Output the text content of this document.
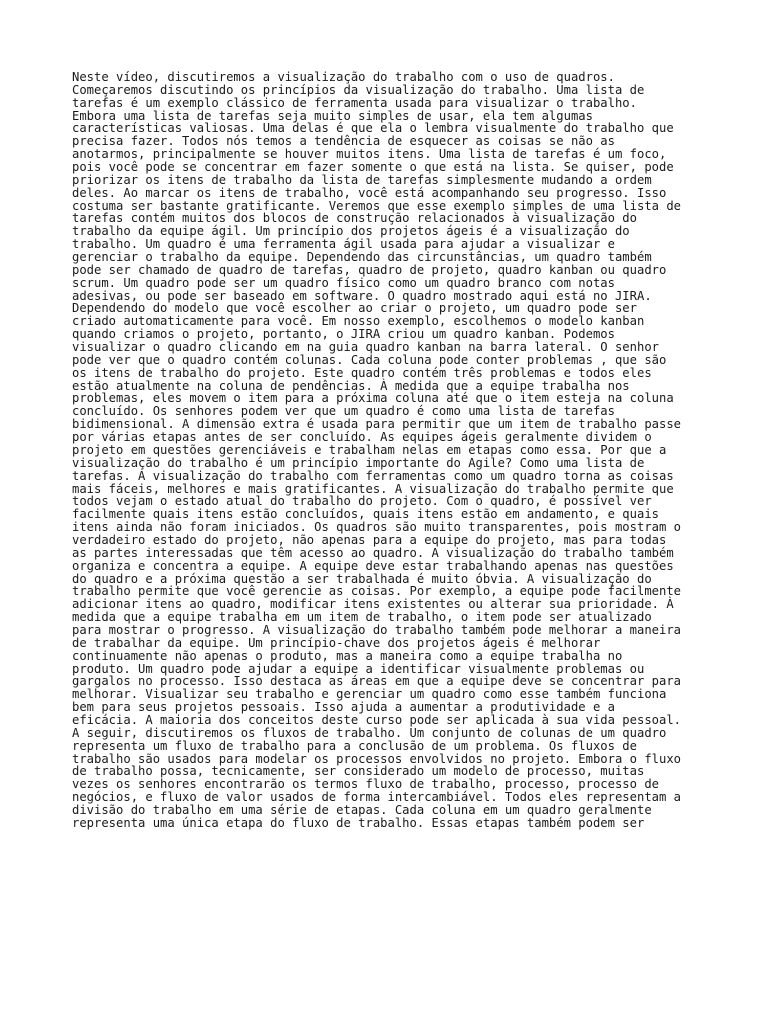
Neste vídeo, discutiremos a visualização do trabalho com o uso de quadros.
Começaremos discutindo os princípios da visualização do trabalho. Uma lista de
tarefas é um exemplo clássico de ferramenta usada para visualizar o trabalho.
Embora uma lista de tarefas seja muito simples de usar, ela tem algumas
características valiosas. Uma delas é que ela o lembra visualmente do trabalho que
precisa fazer. Todos nós temos a tendência de esquecer as coisas se não as
anotarmos, principalmente se houver muitos itens. Uma lista de tarefas é um foco,
pois você pode se concentrar em fazer somente o que está na lista. Se quiser, pode
priorizar os itens de trabalho da lista de tarefas simplesmente mudando a ordem
deles. Ao marcar os itens de trabalho, você está acompanhando seu progresso. Isso
costuma ser bastante gratificante. Veremos que esse exemplo simples de uma lista de
tarefas contém muitos dos blocos de construção relacionados à visualização do
trabalho da equipe ágil. Um princípio dos projetos ágeis é a visualização do
trabalho. Um quadro é uma ferramenta ágil usada para ajudar a visualizar e
gerenciar o trabalho da equipe. Dependendo das circunstâncias, um quadro também
pode ser chamado de quadro de tarefas, quadro de projeto, quadro kanban ou quadro
scrum. Um quadro pode ser um quadro físico como um quadro branco com notas
adesivas, ou pode ser baseado em software. O quadro mostrado aqui está no JIRA.
Dependendo do modelo que você escolher ao criar o projeto, um quadro pode ser
criado automaticamente para você. Em nosso exemplo, escolhemos o modelo kanban
quando criamos o projeto, portanto, o JIRA criou um quadro kanban. Podemos
visualizar o quadro clicando em na guia quadro kanban na barra lateral. O senhor
pode ver que o quadro contém colunas. Cada coluna pode conter problemas , que são
os itens de trabalho do projeto. Este quadro contém três problemas e todos eles
estão atualmente na coluna de pendências. À medida que a equipe trabalha nos
problemas, eles movem o item para a próxima coluna até que o item esteja na coluna
concluído. Os senhores podem ver que um quadro é como uma lista de tarefas
bidimensional. A dimensão extra é usada para permitir que um item de trabalho passe
por várias etapas antes de ser concluído. As equipes ágeis geralmente dividem o
projeto em questões gerenciáveis e trabalham nelas em etapas como essa. Por que a
visualização do trabalho é um princípio importante do Agile? Como uma lista de
tarefas. A visualização do trabalho com ferramentas como um quadro torna as coisas
mais fáceis, melhores e mais gratificantes. A visualização do trabalho permite que
todos vejam o estado atual do trabalho do projeto. Com o quadro, é possível ver
facilmente quais itens estão concluídos, quais itens estão em andamento, e quais
itens ainda não foram iniciados. Os quadros são muito transparentes, pois mostram o
verdadeiro estado do projeto, não apenas para a equipe do projeto, mas para todas
as partes interessadas que têm acesso ao quadro. A visualização do trabalho também
organiza e concentra a equipe. A equipe deve estar trabalhando apenas nas questões
do quadro e a próxima questão a ser trabalhada é muito óbvia. A visualização do
trabalho permite que você gerencie as coisas. Por exemplo, a equipe pode facilmente
adicionar itens ao quadro, modificar itens existentes ou alterar sua prioridade. À
medida que a equipe trabalha em um item de trabalho, o item pode ser atualizado
para mostrar o progresso. A visualização do trabalho também pode melhorar a maneira
de trabalhar da equipe. Um princípio-chave dos projetos ágeis é melhorar
continuamente não apenas o produto, mas a maneira como a equipe trabalha no
produto. Um quadro pode ajudar a equipe a identificar visualmente problemas ou
gargalos no processo. Isso destaca as áreas em que a equipe deve se concentrar para
melhorar. Visualizar seu trabalho e gerenciar um quadro como esse também funciona
bem para seus projetos pessoais. Isso ajuda a aumentar a produtividade e a
eficácia. A maioria dos conceitos deste curso pode ser aplicada à sua vida pessoal.
A seguir, discutiremos os fluxos de trabalho. Um conjunto de colunas de um quadro
representa um fluxo de trabalho para a conclusão de um problema. Os fluxos de
trabalho são usados para modelar os processos envolvidos no projeto. Embora o fluxo
de trabalho possa, tecnicamente, ser considerado um modelo de processo, muitas
vezes os senhores encontrarão os termos fluxo de trabalho, processo, processo de
negócios, e fluxo de valor usados de forma intercambiável. Todos eles representam a
divisão do trabalho em uma série de etapas. Cada coluna em um quadro geralmente
representa uma única etapa do fluxo de trabalho. Essas etapas também podem ser
